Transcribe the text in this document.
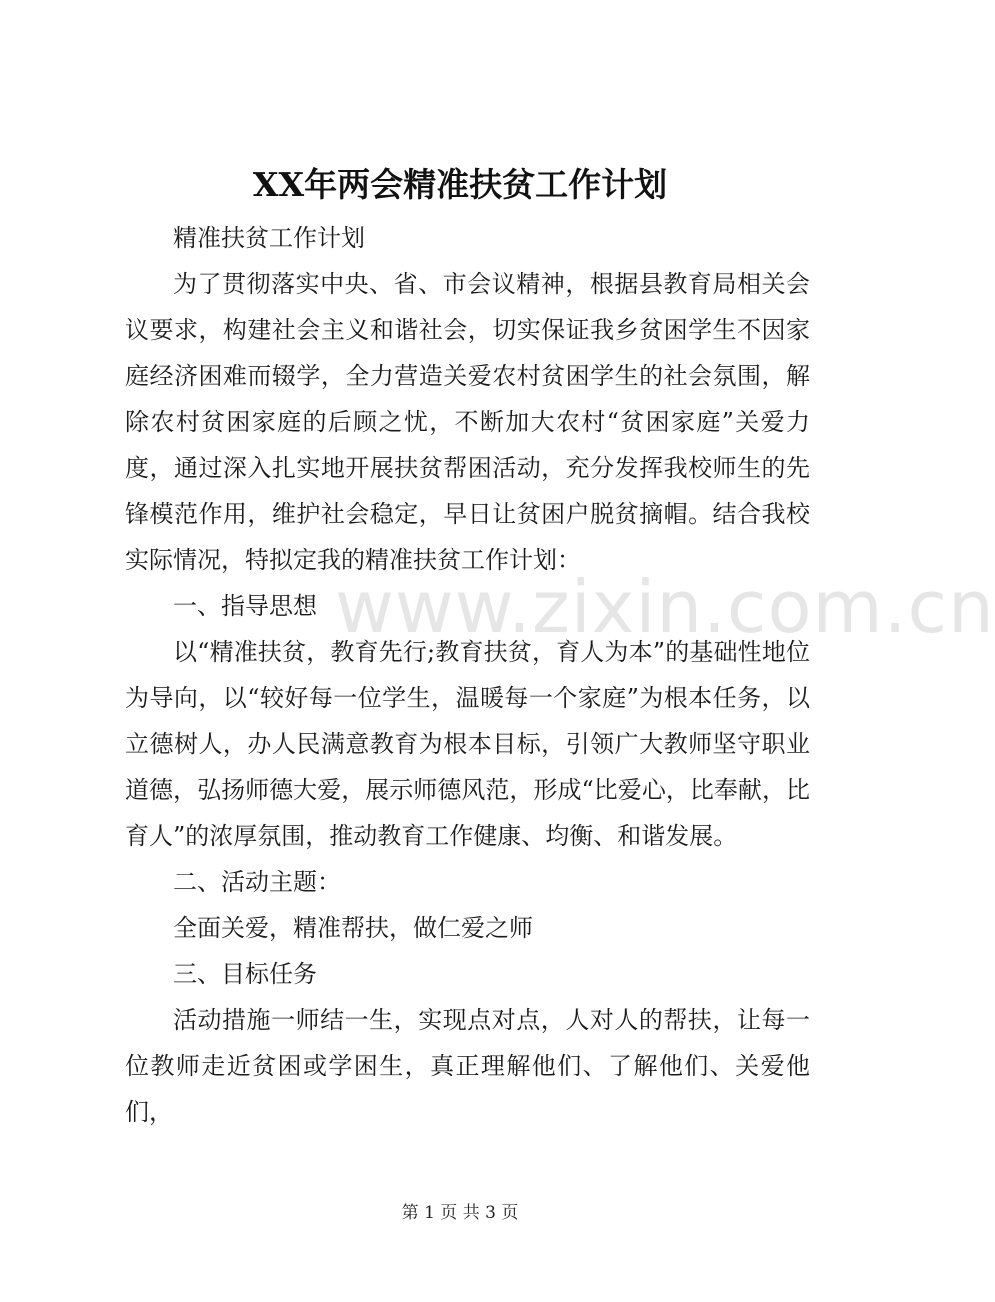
XX年两会精准扶贫工作计划

精准扶贫工作计划

为了贯彻落实中央、省、市会议精神，根据县教育局相关会议要求，构建社会主义和谐社会，切实保证我乡贫困学生不因家庭经济困难而辍学，全力营造关爱农村贫困学生的社会氛围，解除农村贫困家庭的后顾之忧，不断加大农村“贫困家庭”关爱力度，通过深入扎实地开展扶贫帮困活动，充分发挥我校师生的先锋模范作用，维护社会稳定，早日让贫困户脱贫摘帽。结合我校实际情况，特拟定我的精准扶贫工作计划：

一、指导思想

以“精准扶贫，教育先行;教育扶贫，育人为本”的基础性地位为导向，以“较好每一位学生，温暖每一个家庭”为根本任务，以立德树人，办人民满意教育为根本目标，引领广大教师坚守职业道德，弘扬师德大爱，展示师德风范，形成“比爱心，比奉献，比育人”的浓厚氛围，推动教育工作健康、均衡、和谐发展。

二、活动主题：

全面关爱，精准帮扶，做仁爱之师

三、目标任务

活动措施一师结一生，实现点对点，人对人的帮扶，让每一位教师走近贫困或学困生，真正理解他们、了解他们、关爱他们，

www.zixin.com.cn
第 1 页 共 3 页
